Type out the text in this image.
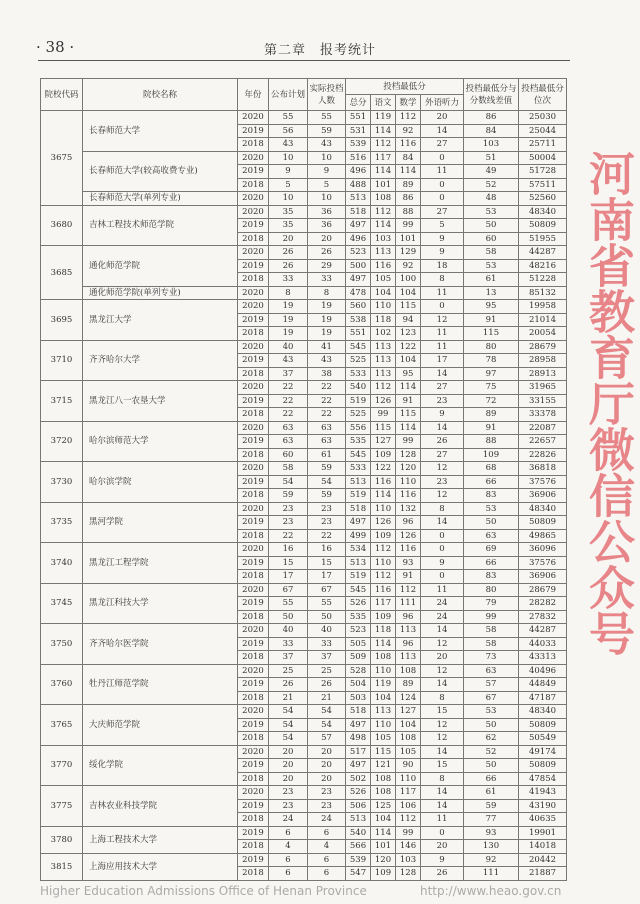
· 38 ·	第二章　报考统计
院校代码	院校名称	年份	公布计划	实际投档人数	投档最低分				投档最低分与分数线差值	投档最低分位次
					总分	语文	数学	外语听力		
3675	长春师范大学	2020	55	55	551	119	112	20	86	25030
		2019	56	59	531	114	92	14	84	25044
		2018	43	43	539	112	116	27	103	25711
	长春师范大学(较高收费专业)	2020	10	10	516	117	84	0	51	50004
		2019	9	9	496	114	114	11	49	51728
		2018	5	5	488	101	89	0	52	57511
	长春师范大学(单列专业)	2020	10	10	513	108	86	0	48	52560
3680	吉林工程技术师范学院	2020	35	36	518	112	88	27	53	48340
		2019	35	36	497	114	99	5	50	50809
		2018	20	20	496	103	101	9	60	51955
3685	通化师范学院	2020	26	26	523	113	129	9	58	44287
		2019	26	29	500	116	92	18	53	48216
		2018	33	33	497	105	100	8	61	51228
	通化师范学院(单列专业)	2020	8	8	478	104	104	11	13	85132
3695	黑龙江大学	2020	19	19	560	110	115	0	95	19958
		2019	19	19	538	118	94	12	91	21014
		2018	19	19	551	102	123	11	115	20054
3710	齐齐哈尔大学	2020	40	41	545	113	122	11	80	28679
		2019	43	43	525	113	104	17	78	28958
		2018	37	38	533	113	95	14	97	28913
3715	黑龙江八一农垦大学	2020	22	22	540	112	114	27	75	31965
		2019	22	22	519	126	91	23	72	33155
		2018	22	22	525	99	115	9	89	33378
3720	哈尔滨师范大学	2020	63	63	556	115	114	14	91	22087
		2019	63	63	535	127	99	26	88	22657
		2018	60	61	545	109	128	27	109	22826
3730	哈尔滨学院	2020	58	59	533	122	120	12	68	36818
		2019	54	54	513	116	110	23	66	37576
		2018	59	59	519	114	116	12	83	36906
3735	黑河学院	2020	23	23	518	110	132	8	53	48340
		2019	23	23	497	126	96	14	50	50809
		2018	22	22	499	109	126	0	63	49865
3740	黑龙江工程学院	2020	16	16	534	112	116	0	69	36096
		2019	15	15	513	110	93	9	66	37576
		2018	17	17	519	112	91	0	83	36906
3745	黑龙江科技大学	2020	67	67	545	116	112	11	80	28679
		2019	55	55	526	117	111	24	79	28282
		2018	50	50	535	109	96	24	99	27832
3750	齐齐哈尔医学院	2020	40	40	523	118	113	14	58	44287
		2019	33	33	505	114	96	12	58	44033
		2018	37	37	509	108	113	20	73	43313
3760	牡丹江师范学院	2020	25	25	528	110	108	12	63	40496
		2019	26	26	504	119	89	14	57	44849
		2018	21	21	503	104	124	8	67	47187
3765	大庆师范学院	2020	54	54	518	113	127	15	53	48340
		2019	54	54	497	110	104	12	50	50809
		2018	54	57	498	105	108	12	62	50549
3770	绥化学院	2020	20	20	517	115	105	14	52	49174
		2019	20	20	497	121	90	15	50	50809
		2018	20	20	502	108	110	8	66	47854
3775	吉林农业科技学院	2020	23	23	526	108	117	14	61	41943
		2019	23	23	506	125	106	14	59	43190
		2018	24	24	513	104	112	11	77	40635
3780	上海工程技术大学	2019	6	6	540	114	99	0	93	19901
		2018	4	4	566	101	146	20	130	14018
3815	上海应用技术大学	2019	6	6	539	120	103	9	92	20442
		2018	6	6	547	109	128	26	111	21887
河南省教育厅微信公众号
Higher Education Admissions Office of Henan Province	http://www.heao.gov.cn
